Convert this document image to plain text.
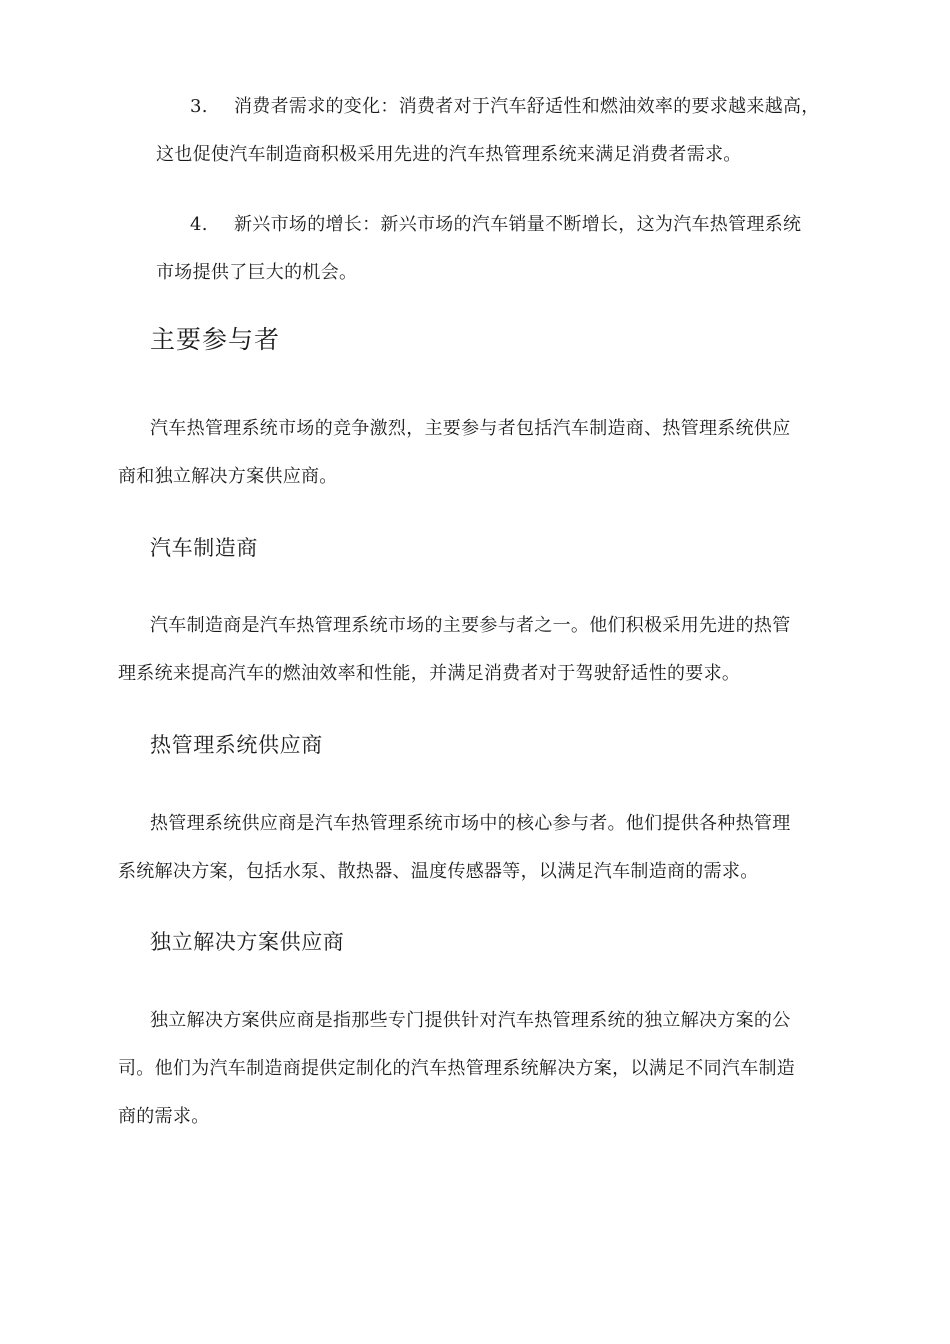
3. 消费者需求的变化：消费者对于汽车舒适性和燃油效率的要求越来越高，
这也促使汽车制造商积极采用先进的汽车热管理系统来满足消费者需求。
4. 新兴市场的增长：新兴市场的汽车销量不断增长，这为汽车热管理系统
市场提供了巨大的机会。
主要参与者
汽车热管理系统市场的竞争激烈，主要参与者包括汽车制造商、热管理系统供应
商和独立解决方案供应商。
汽车制造商
汽车制造商是汽车热管理系统市场的主要参与者之一。他们积极采用先进的热管
理系统来提高汽车的燃油效率和性能，并满足消费者对于驾驶舒适性的要求。
热管理系统供应商
热管理系统供应商是汽车热管理系统市场中的核心参与者。他们提供各种热管理
系统解决方案，包括水泵、散热器、温度传感器等，以满足汽车制造商的需求。
独立解决方案供应商
独立解决方案供应商是指那些专门提供针对汽车热管理系统的独立解决方案的公
司。他们为汽车制造商提供定制化的汽车热管理系统解决方案，以满足不同汽车制造
商的需求。
